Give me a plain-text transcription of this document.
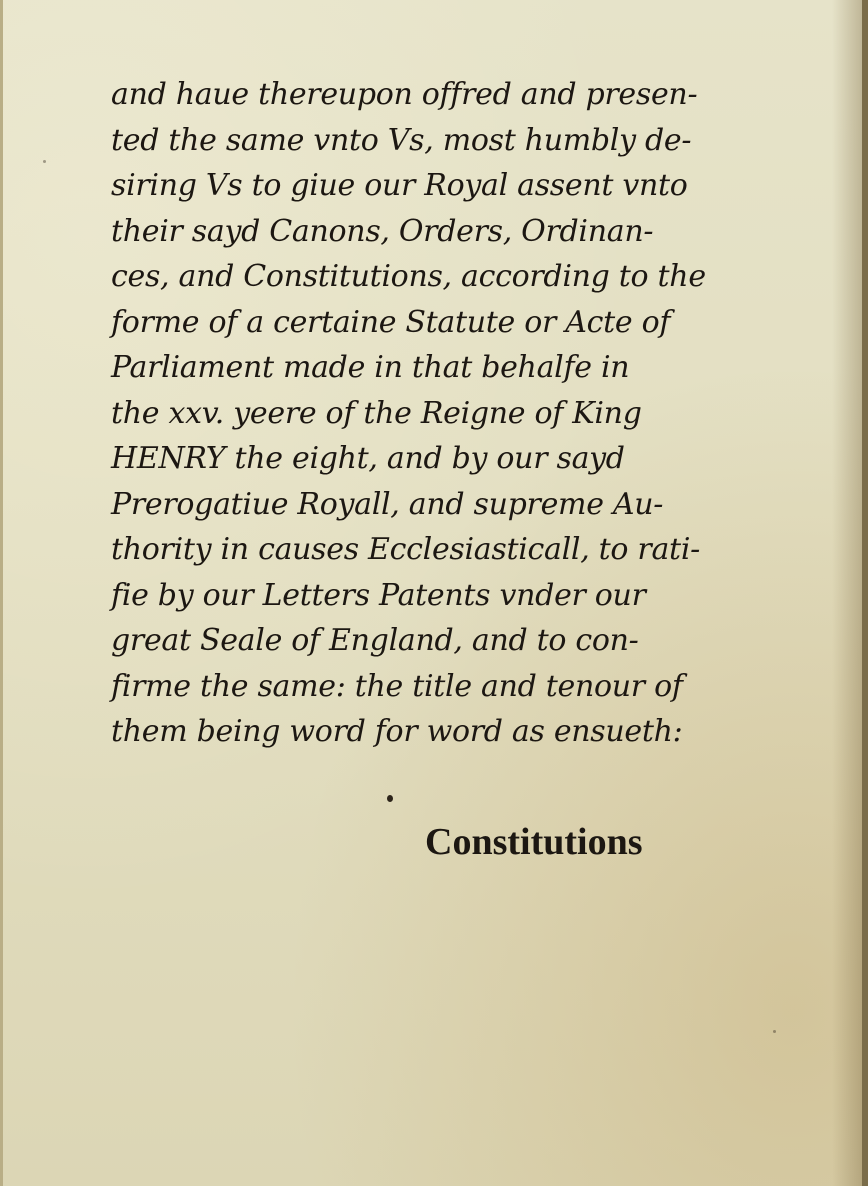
and haue thereupon offred and presen-
ted the same vnto Vs, most humbly de-
siring Vs to giue our Royal assent vnto
their sayd Canons, Orders, Ordinan-
ces, and Constitutions, according to the
forme of a certaine Statute or Acte of
Parliament made in that behalfe in
the xxv. yeere of the Reigne of King
HENRY the eight, and by our sayd
Prerogatiue Royall, and supreme Au-
thority in causes Ecclesiasticall, to rati-
fie by our Letters Patents vnder our
great Seale of England, and to con-
firme the same: the title and tenour of
them being word for word as ensueth:
Constitutions
